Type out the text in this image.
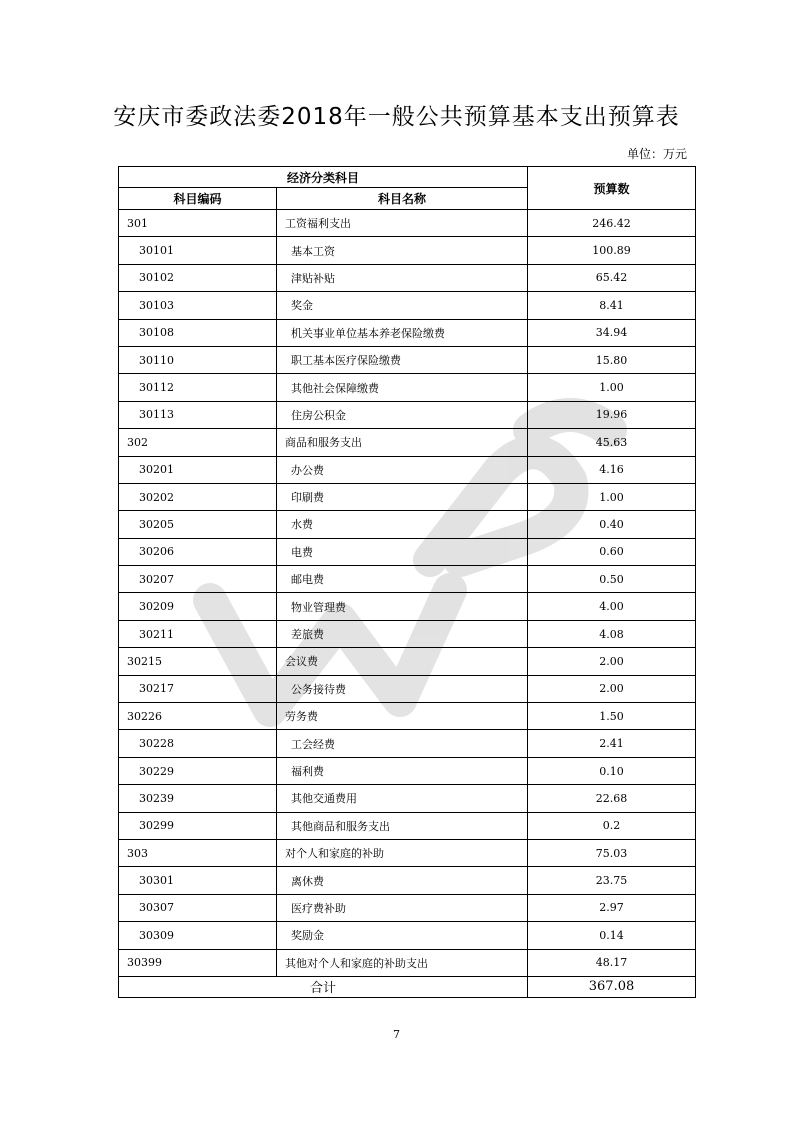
安庆市委政法委2018年一般公共预算基本支出预算表
单位：万元
经济分类科目		预算数
科目编码	科目名称	
301	工资福利支出	246.42
30101	基本工资	100.89
30102	津贴补贴	65.42
30103	奖金	8.41
30108	机关事业单位基本养老保险缴费	34.94
30110	职工基本医疗保险缴费	15.80
30112	其他社会保障缴费	1.00
30113	住房公积金	19.96
302	商品和服务支出	45.63
30201	办公费	4.16
30202	印刷费	1.00
30205	水费	0.40
30206	电费	0.60
30207	邮电费	0.50
30209	物业管理费	4.00
30211	差旅费	4.08
30215	会议费	2.00
30217	公务接待费	2.00
30226	劳务费	1.50
30228	工会经费	2.41
30229	福利费	0.10
30239	其他交通费用	22.68
30299	其他商品和服务支出	0.2
303	对个人和家庭的补助	75.03
30301	离休费	23.75
30307	医疗费补助	2.97
30309	奖励金	0.14
30399	其他对个人和家庭的补助支出	48.17
合计		367.08
7
